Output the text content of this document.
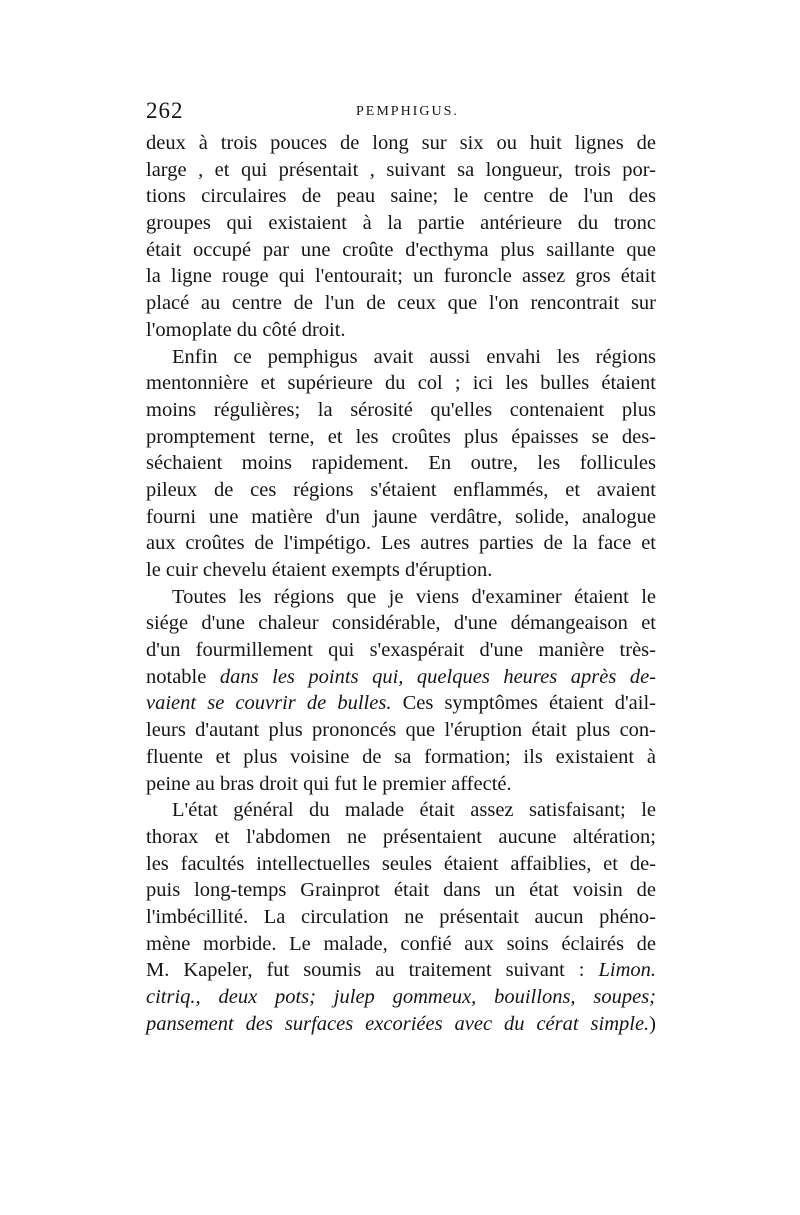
262	PEMPHIGUS.
deux à trois pouces de long sur six ou huit lignes de
large , et qui présentait , suivant sa longueur, trois por-
tions circulaires de peau saine; le centre de l'un des
groupes qui existaient à la partie antérieure du tronc
était occupé par une croûte d'ecthyma plus saillante que
la ligne rouge qui l'entourait; un furoncle assez gros était
placé au centre de l'un de ceux que l'on rencontrait sur
l'omoplate du côté droit.
Enfin ce pemphigus avait aussi envahi les régions
mentonnière et supérieure du col ; ici les bulles étaient
moins régulières; la sérosité qu'elles contenaient plus
promptement terne, et les croûtes plus épaisses se des-
séchaient moins rapidement. En outre, les follicules
pileux de ces régions s'étaient enflammés, et avaient
fourni une matière d'un jaune verdâtre, solide, analogue
aux croûtes de l'impétigo. Les autres parties de la face et
le cuir chevelu étaient exempts d'éruption.
Toutes les régions que je viens d'examiner étaient le
siége d'une chaleur considérable, d'une démangeaison et
d'un fourmillement qui s'exaspérait d'une manière très-
notable dans les points qui, quelques heures après de-
vaient se couvrir de bulles. Ces symptômes étaient d'ail-
leurs d'autant plus prononcés que l'éruption était plus con-
fluente et plus voisine de sa formation; ils existaient à
peine au bras droit qui fut le premier affecté.
L'état général du malade était assez satisfaisant; le
thorax et l'abdomen ne présentaient aucune altération;
les facultés intellectuelles seules étaient affaiblies, et de-
puis long-temps Grainprot était dans un état voisin de
l'imbécillité. La circulation ne présentait aucun phéno-
mène morbide. Le malade, confié aux soins éclairés de
M. Kapeler, fut soumis au traitement suivant : Limon.
citriq., deux pots; julep gommeux, bouillons, soupes;
pansement des surfaces excoriées avec du cérat simple.)
